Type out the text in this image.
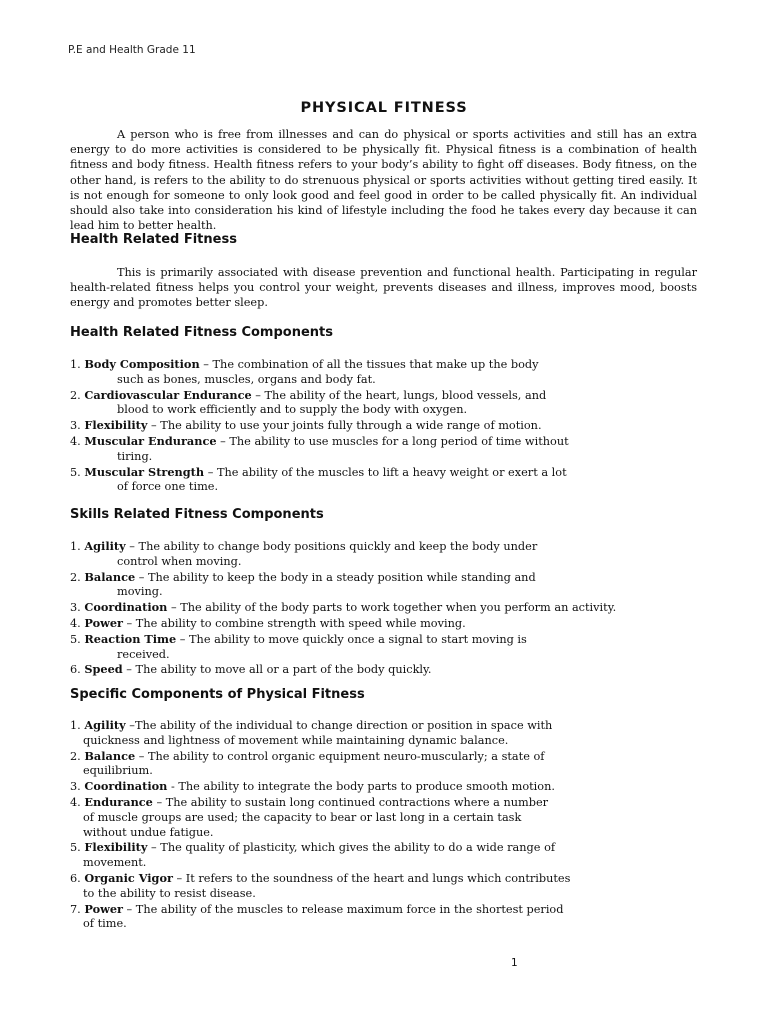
P.E and Health Grade 11
PHYSICAL FITNESS

A person who is free from illnesses and can do physical or sports activities and still has an extra energy to do more activities is considered to be physically fit. Physical fitness is a combination of health fitness and body fitness. Health fitness refers to your body’s ability to fight off diseases. Body fitness, on the other hand, is refers to the ability to do strenuous physical or sports activities without getting tired easily. It is not enough for someone to only look good and feel good in order to be called physically fit. An individual should also take into consideration his kind of lifestyle including the food he takes every day because it can lead him to better health.

Health Related Fitness

This is primarily associated with disease prevention and functional health. Participating in regular health-related fitness helps you control your weight, prevents diseases and illness, improves mood, boosts energy and promotes better sleep.

Health Related Fitness Components
1. Body Composition – The combination of all the tissues that make up the body
such as bones, muscles, organs and body fat.
2. Cardiovascular Endurance – The ability of the heart, lungs, blood vessels, and
blood to work efficiently and to supply the body with oxygen.
3. Flexibility – The ability to use your joints fully through a wide range of motion.
4. Muscular Endurance – The ability to use muscles for a long period of time without
tiring.
5. Muscular Strength – The ability of the muscles to lift a heavy weight or exert a lot
of force one time.
Skills Related Fitness Components
1. Agility – The ability to change body positions quickly and keep the body under
control when moving.
2. Balance – The ability to keep the body in a steady position while standing and
moving.
3. Coordination – The ability of the body parts to work together when you perform an activity.
4. Power – The ability to combine strength with speed while moving.
5. Reaction Time – The ability to move quickly once a signal to start moving is
received.
6. Speed – The ability to move all or a part of the body quickly.
Specific Components of Physical Fitness
1. Agility –The ability of the individual to change direction or position in space with
quickness and lightness of movement while maintaining dynamic balance.
2. Balance – The ability to control organic equipment neuro-muscularly; a state of
equilibrium.
3. Coordination - The ability to integrate the body parts to produce smooth motion.
4. Endurance – The ability to sustain long continued contractions where a number
of muscle groups are used; the capacity to bear or last long in a certain task
without undue fatigue.
5. Flexibility – The quality of plasticity, which gives the ability to do a wide range of
movement.
6. Organic Vigor – It refers to the soundness of the heart and lungs which contributes
to the ability to resist disease.
7. Power – The ability of the muscles to release maximum force in the shortest period
of time.
1
